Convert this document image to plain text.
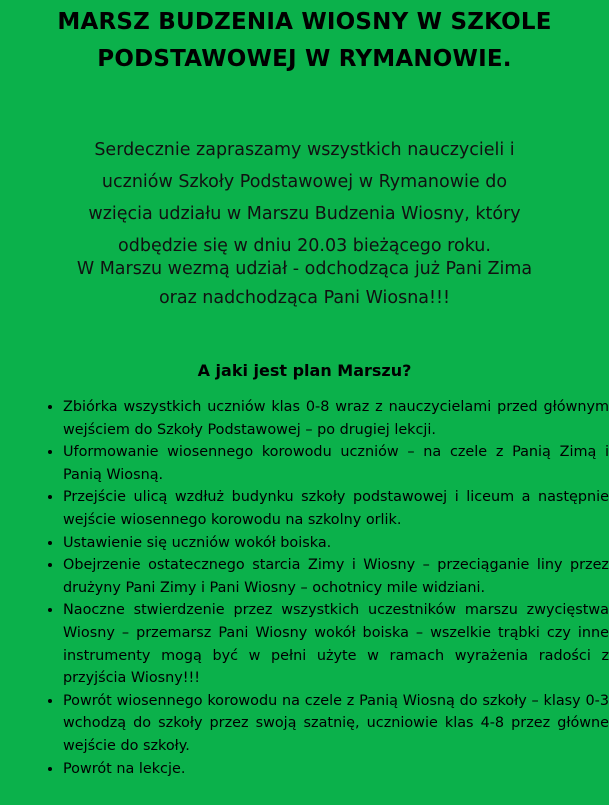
MARSZ BUDZENIA WIOSNY W SZKOLE
PODSTAWOWEJ W RYMANOWIE.

Serdecznie zapraszamy wszystkich nauczycieli i
uczniów Szkoły Podstawowej w Rymanowie do
wzięcia udziału w Marszu Budzenia Wiosny, który
odbędzie się w dniu 20.03 bieżącego roku.

W Marszu wezmą udział - odchodząca już Pani Zima
oraz nadchodząca Pani Wiosna!!!

A jaki jest plan Marszu?
• Zbiórka wszystkich uczniów klas 0-8 wraz z nauczycielami przed głównym wejściem do Szkoły Podstawowej – po drugiej lekcji.
• Uformowanie wiosennego korowodu uczniów – na czele z Panią Zimą i Panią Wiosną.
• Przejście ulicą wzdłuż budynku szkoły podstawowej i liceum a następnie wejście wiosennego korowodu na szkolny orlik.
• Ustawienie się uczniów wokół boiska.
• Obejrzenie ostatecznego starcia Zimy i Wiosny – przeciąganie liny przez drużyny Pani Zimy i Pani Wiosny – ochotnicy mile widziani.
• Naoczne stwierdzenie przez wszystkich uczestników marszu zwycięstwa Wiosny – przemarsz Pani Wiosny wokół boiska – wszelkie trąbki czy inne instrumenty mogą być w pełni użyte w ramach wyrażenia radości z przyjścia Wiosny!!!
• Powrót wiosennego korowodu na czele z Panią Wiosną do szkoły – klasy 0-3 wchodzą do szkoły przez swoją szatnię, uczniowie klas 4-8 przez główne wejście do szkoły.
• Powrót na lekcje.
